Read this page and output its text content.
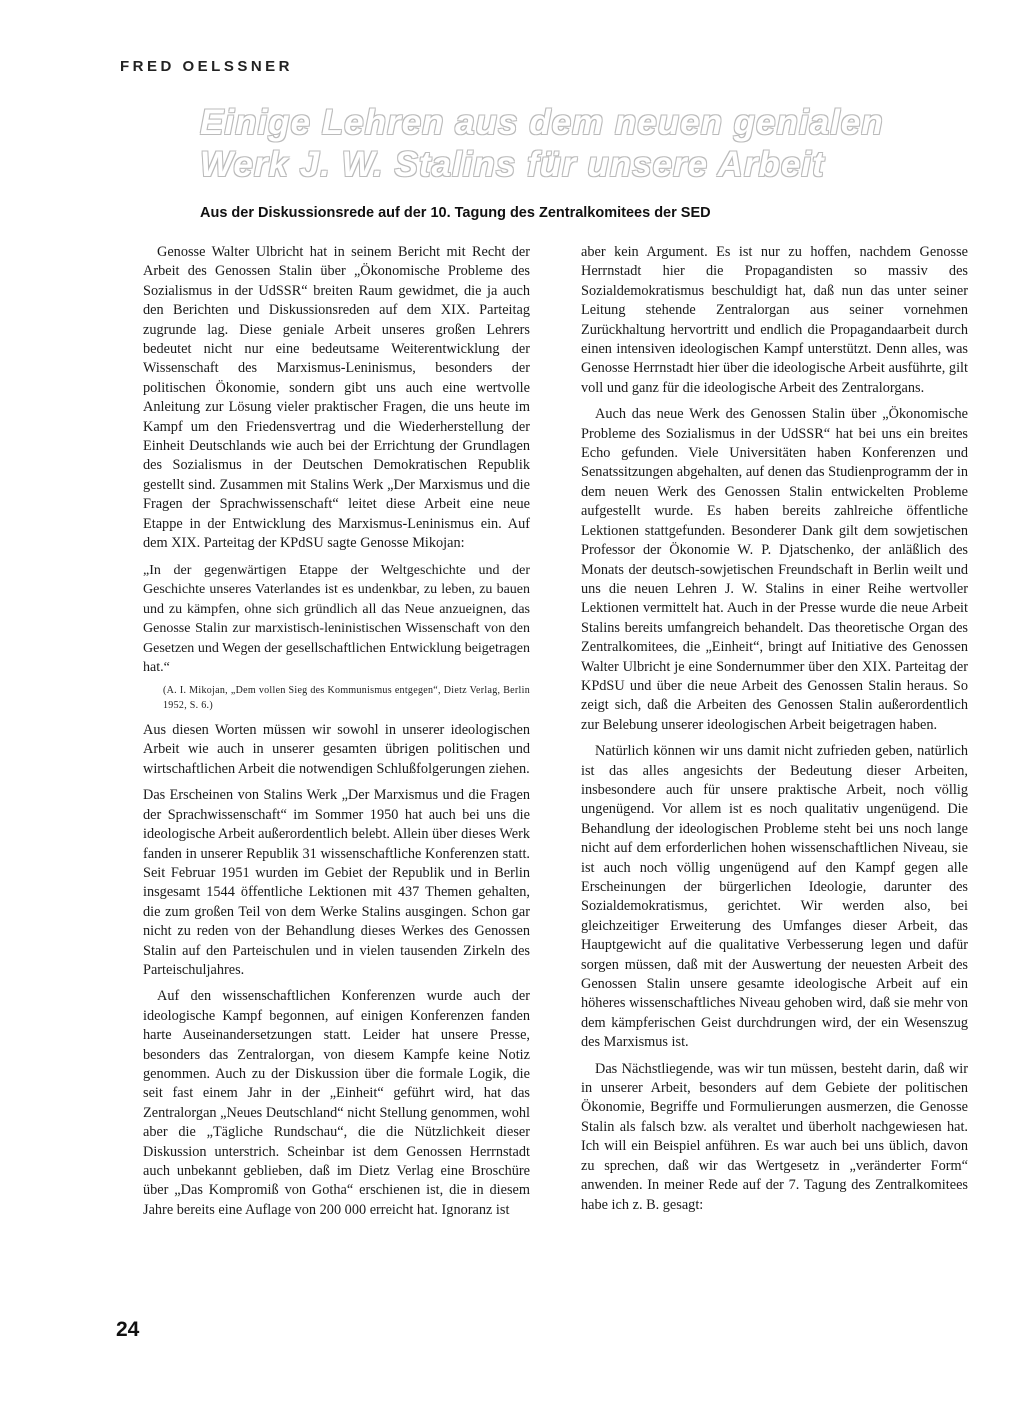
FRED OELSSNER
Einige Lehren aus dem neuen genialen
Werk J. W. Stalins für unsere Arbeit
Aus der Diskussionsrede auf der 10. Tagung des Zentralkomitees der SED

Genosse Walter Ulbricht hat in seinem Bericht mit Recht der Arbeit des Genossen Stalin über „Ökonomische Probleme des Sozialismus in der UdSSR“ breiten Raum gewidmet, die ja auch den Berichten und Diskussionsreden auf dem XIX. Parteitag zugrunde lag. Diese geniale Arbeit unseres großen Lehrers bedeutet nicht nur eine bedeutsame Weiterentwicklung der Wissenschaft des Marxismus-Leninismus, besonders der politischen Ökonomie, sondern gibt uns auch eine wertvolle Anleitung zur Lösung vieler praktischer Fragen, die uns heute im Kampf um den Friedensvertrag und die Wiederherstellung der Einheit Deutschlands wie auch bei der Errichtung der Grundlagen des Sozialismus in der Deutschen Demokratischen Republik gestellt sind. Zusammen mit Stalins Werk „Der Marxismus und die Fragen der Sprachwissenschaft“ leitet diese Arbeit eine neue Etappe in der Entwicklung des Marxismus-Leninismus ein. Auf dem XIX. Parteitag der KPdSU sagte Genosse Mikojan:

„In der gegenwärtigen Etappe der Weltgeschichte und der Geschichte unseres Vaterlandes ist es undenkbar, zu leben, zu bauen und zu kämpfen, ohne sich gründlich all das Neue anzueignen, das Genosse Stalin zur marxistisch-leninistischen Wissenschaft von den Gesetzen und Wegen der gesellschaftlichen Entwicklung beigetragen hat.“

(A. I. Mikojan, „Dem vollen Sieg des Kommunismus entgegen“, Dietz Verlag, Berlin 1952, S. 6.)

Aus diesen Worten müssen wir sowohl in unserer ideologischen Arbeit wie auch in unserer gesamten übrigen politischen und wirtschaftlichen Arbeit die notwendigen Schlußfolgerungen ziehen.

Das Erscheinen von Stalins Werk „Der Marxismus und die Fragen der Sprachwissenschaft“ im Sommer 1950 hat auch bei uns die ideologische Arbeit außerordentlich belebt. Allein über dieses Werk fanden in unserer Republik 31 wissenschaftliche Konferenzen statt. Seit Februar 1951 wurden im Gebiet der Republik und in Berlin insgesamt 1544 öffentliche Lektionen mit 437 Themen gehalten, die zum großen Teil von dem Werke Stalins ausgingen. Schon gar nicht zu reden von der Behandlung dieses Werkes des Genossen Stalin auf den Parteischulen und in vielen tausenden Zirkeln des Parteischuljahres.

Auf den wissenschaftlichen Konferenzen wurde auch der ideologische Kampf begonnen, auf einigen Konferenzen fanden harte Auseinandersetzungen statt. Leider hat unsere Presse, besonders das Zentralorgan, von diesem Kampfe keine Notiz genommen. Auch zu der Diskussion über die formale Logik, die seit fast einem Jahr in der „Einheit“ geführt wird, hat das Zentralorgan „Neues Deutschland“ nicht Stellung genommen, wohl aber die „Tägliche Rundschau“, die die Nützlichkeit dieser Diskussion unterstrich. Scheinbar ist dem Genossen Herrnstadt auch unbekannt geblieben, daß im Dietz Verlag eine Broschüre über „Das Kompromiß von Gotha“ erschienen ist, die in diesem Jahre bereits eine Auflage von 200 000 erreicht hat. Ignoranz ist

aber kein Argument. Es ist nur zu hoffen, nachdem Genosse Herrnstadt hier die Propagandisten so massiv des Sozialdemokratismus beschuldigt hat, daß nun das unter seiner Leitung stehende Zentralorgan aus seiner vornehmen Zurückhaltung hervortritt und endlich die Propagandaarbeit durch einen intensiven ideologischen Kampf unterstützt. Denn alles, was Genosse Herrnstadt hier über die ideologische Arbeit ausführte, gilt voll und ganz für die ideologische Arbeit des Zentralorgans.

Auch das neue Werk des Genossen Stalin über „Ökonomische Probleme des Sozialismus in der UdSSR“ hat bei uns ein breites Echo gefunden. Viele Universitäten haben Konferenzen und Senatssitzungen abgehalten, auf denen das Studienprogramm der in dem neuen Werk des Genossen Stalin entwickelten Probleme aufgestellt wurde. Es haben bereits zahlreiche öffentliche Lektionen stattgefunden. Besonderer Dank gilt dem sowjetischen Professor der Ökonomie W. P. Djatschenko, der anläßlich des Monats der deutsch-sowjetischen Freundschaft in Berlin weilt und uns die neuen Lehren J. W. Stalins in einer Reihe wertvoller Lektionen vermittelt hat. Auch in der Presse wurde die neue Arbeit Stalins bereits umfangreich behandelt. Das theoretische Organ des Zentralkomitees, die „Einheit“, bringt auf Initiative des Genossen Walter Ulbricht je eine Sondernummer über den XIX. Parteitag der KPdSU und über die neue Arbeit des Genossen Stalin heraus. So zeigt sich, daß die Arbeiten des Genossen Stalin außerordentlich zur Belebung unserer ideologischen Arbeit beigetragen haben.

Natürlich können wir uns damit nicht zufrieden geben, natürlich ist das alles angesichts der Bedeutung dieser Arbeiten, insbesondere auch für unsere praktische Arbeit, noch völlig ungenügend. Vor allem ist es noch qualitativ ungenügend. Die Behandlung der ideologischen Probleme steht bei uns noch lange nicht auf dem erforderlichen hohen wissenschaftlichen Niveau, sie ist auch noch völlig ungenügend auf den Kampf gegen alle Erscheinungen der bürgerlichen Ideologie, darunter des Sozialdemokratismus, gerichtet. Wir werden also, bei gleichzeitiger Erweiterung des Umfanges dieser Arbeit, das Hauptgewicht auf die qualitative Verbesserung legen und dafür sorgen müssen, daß mit der Auswertung der neuesten Arbeit des Genossen Stalin unsere gesamte ideologische Arbeit auf ein höheres wissenschaftliches Niveau gehoben wird, daß sie mehr von dem kämpferischen Geist durchdrungen wird, der ein Wesenszug des Marxismus ist.

Das Nächstliegende, was wir tun müssen, besteht darin, daß wir in unserer Arbeit, besonders auf dem Gebiete der politischen Ökonomie, Begriffe und Formulierungen ausmerzen, die Genosse Stalin als falsch bzw. als veraltet und überholt nachgewiesen hat. Ich will ein Beispiel anführen. Es war auch bei uns üblich, davon zu sprechen, daß wir das Wertgesetz in „veränderter Form“ anwenden. In meiner Rede auf der 7. Tagung des Zentralkomitees habe ich z. B. gesagt:

24
